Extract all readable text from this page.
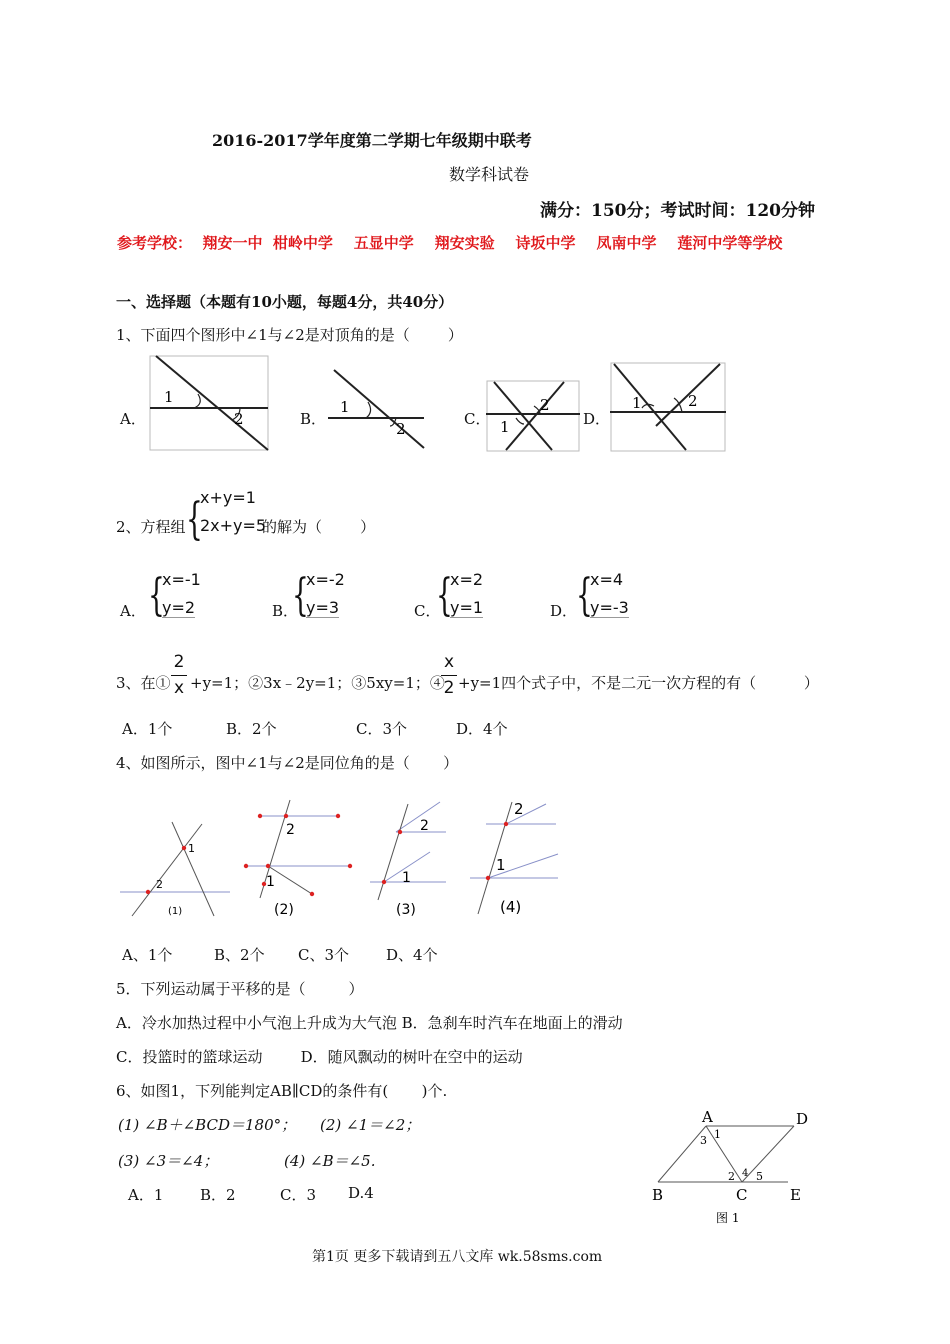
2016-2017学年度第二学期七年级期中联考
数学科试卷
满分：150分；考试时间：120分钟
参考学校：  翔安一中  柑岭中学    五显中学    翔安实验    诗坂中学    凤南中学    莲河中学等学校
一、选择题（本题有10小题，每题4分，共40分）
1、下面四个图形中∠1与∠2是对顶角的是（        ）
A．	B．	C．	D．
1
2
1
2
2
1
1	2
2、方程组 {
x+y=1
2x+y=5
的解为（        ）
A． {
x=-1
y=2	B．
{
x=-2
y=3	C．
{
x=2
y=1	D．
{
x=4
y=-3
3、在①
2
x +y=1；②3x﹣2y=1；③5xy=1；④
x
2 +y=1四个式子中，不是二元一次方程的有（          ）
A．1个	B．2个	C．3个	D．4个
4、如图所示，图中∠1与∠2是同位角的是（       ）
1
2
(1)
2
1
(2)
2
1
(3)
2
1
(4)
A、1个	B、2个 C、3个 D、4个
5．下列运动属于平移的是（         ）
A．冷水加热过程中小气泡上升成为大气泡 B．急刹车时汽车在地面上的滑动
C．投篮时的篮球运动        D．随风飘动的树叶在空中的运动
6、如图1，下列能判定AB∥CD的条件有(       )个.
(1) ∠B＋∠BCD＝180°； (2) ∠1＝∠2；
(3) ∠3＝∠4；	(4) ∠B＝∠5.
A．1 B．2	C．3 D.4
A	D
B	C	E
1
3
2 4 5
图 1
第1页 更多下载请到五八文库 wk.58sms.com
